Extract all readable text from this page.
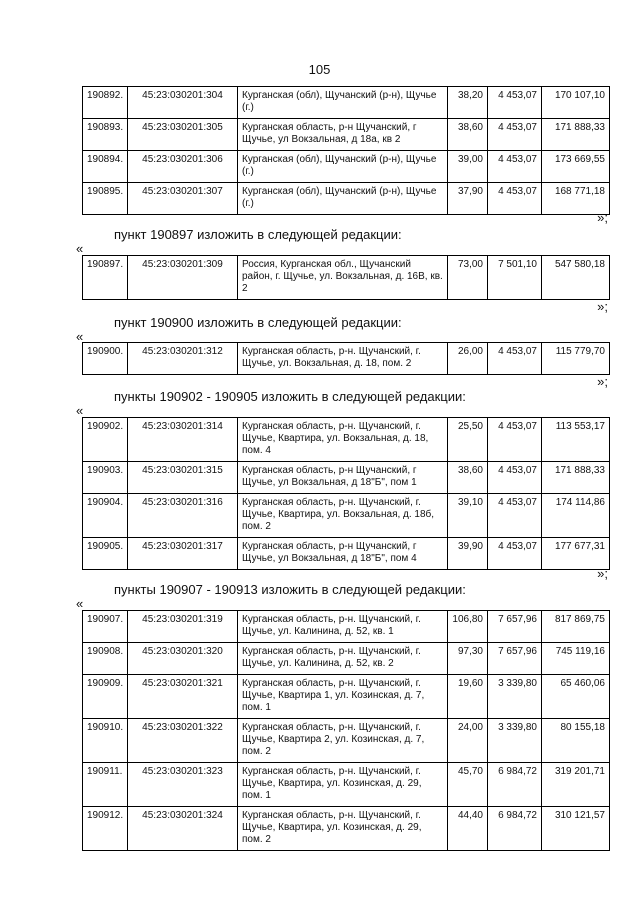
105
190892.	45:23:030201:304	Курганская (обл), Щучанский (р-н), Щучье (г.)	38,20	4 453,07	170 107,10
190893.	45:23:030201:305	Курганская область, р-н Щучанский, г Щучье, ул Вокзальная, д 18а, кв 2	38,60	4 453,07	171 888,33
190894.	45:23:030201:306	Курганская (обл), Щучанский (р-н), Щучье (г.)	39,00	4 453,07	173 669,55
190895.	45:23:030201:307	Курганская (обл), Щучанский (р-н), Щучье (г.)	37,90	4 453,07	168 771,18
»;
пункт 190897 изложить в следующей редакции:
«
190897.	45:23:030201:309	Россия, Курганская обл., Щучанский район, г. Щучье, ул. Вокзальная, д. 16В, кв. 2	73,00	7 501,10	547 580,18
»;
пункт 190900 изложить в следующей редакции:
«
190900.	45:23:030201:312	Курганская область, р-н. Щучанский, г. Щучье, ул. Вокзальная, д. 18, пом. 2	26,00	4 453,07	115 779,70
»;
пункты 190902 - 190905 изложить в следующей редакции:
«
190902.	45:23:030201:314	Курганская область, р-н. Щучанский, г. Щучье, Квартира, ул. Вокзальная, д. 18, пом. 4	25,50	4 453,07	113 553,17
190903.	45:23:030201:315	Курганская область, р-н Щучанский, г Щучье, ул Вокзальная, д 18"Б", пом 1	38,60	4 453,07	171 888,33
190904.	45:23:030201:316	Курганская область, р-н. Щучанский, г. Щучье, Квартира, ул. Вокзальная, д. 18б, пом. 2	39,10	4 453,07	174 114,86
190905.	45:23:030201:317	Курганская область, р-н Щучанский, г Щучье, ул Вокзальная, д 18"Б", пом 4	39,90	4 453,07	177 677,31
»;
пункты 190907 - 190913 изложить в следующей редакции:
«
190907.	45:23:030201:319	Курганская область, р-н. Щучанский, г. Щучье, ул. Калинина, д. 52, кв. 1	106,80	7 657,96	817 869,75
190908.	45:23:030201:320	Курганская область, р-н. Щучанский, г. Щучье, ул. Калинина, д. 52, кв. 2	97,30	7 657,96	745 119,16
190909.	45:23:030201:321	Курганская область, р-н. Щучанский, г. Щучье, Квартира 1, ул. Козинская, д. 7, пом. 1	19,60	3 339,80	65 460,06
190910.	45:23:030201:322	Курганская область, р-н. Щучанский, г. Щучье, Квартира 2, ул. Козинская, д. 7, пом. 2	24,00	3 339,80	80 155,18
190911.	45:23:030201:323	Курганская область, р-н. Щучанский, г. Щучье, Квартира, ул. Козинская, д. 29, пом. 1	45,70	6 984,72	319 201,71
190912.	45:23:030201:324	Курганская область, р-н. Щучанский, г. Щучье, Квартира, ул. Козинская, д. 29, пом. 2	44,40	6 984,72	310 121,57
